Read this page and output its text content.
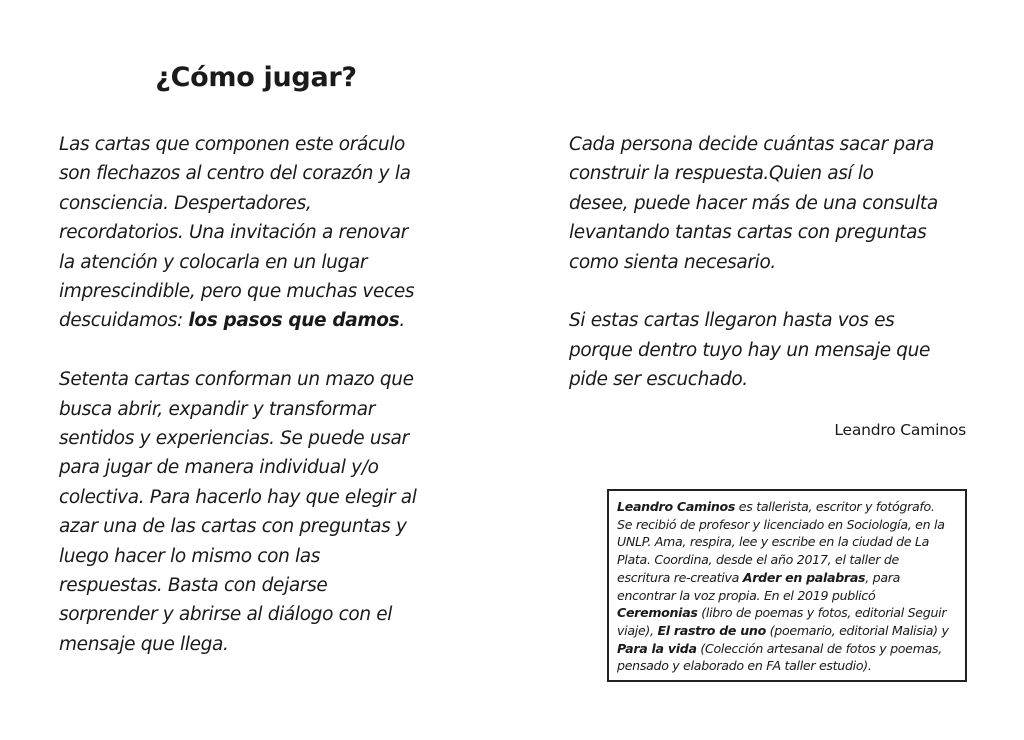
¿Cómo jugar?

Las cartas que componen este oráculo

son flechazos al centro del corazón y la

consciencia. Despertadores,

recordatorios. Una invitación a renovar

la atención y colocarla en un lugar

imprescindible, pero que muchas veces

descuidamos: los pasos que damos.

Setenta cartas conforman un mazo que

busca abrir, expandir y transformar

sentidos y experiencias. Se puede usar

para jugar de manera individual y/o

colectiva. Para hacerlo hay que elegir al

azar una de las cartas con preguntas y

luego hacer lo mismo con las

respuestas. Basta con dejarse

sorprender y abrirse al diálogo con el

mensaje que llega.

Cada persona decide cuántas sacar para

construir la respuesta.Quien así lo

desee, puede hacer más de una consulta

levantando tantas cartas con preguntas

como sienta necesario.

Si estas cartas llegaron hasta vos es

porque dentro tuyo hay un mensaje que

pide ser escuchado.

Leandro Caminos

Leandro Caminos es tallerista, escritor y fotógrafo.

Se recibió de profesor y licenciado en Sociología, en la

UNLP. Ama, respira, lee y escribe en la ciudad de La

Plata. Coordina, desde el año 2017, el taller de

escritura re-creativa Arder en palabras, para

encontrar la voz propia. En el 2019 publicó

Ceremonias (libro de poemas y fotos, editorial Seguir

viaje), El rastro de uno (poemario, editorial Malisia) y

Para la vida (Colección artesanal de fotos y poemas,

pensado y elaborado en FA taller estudio).
